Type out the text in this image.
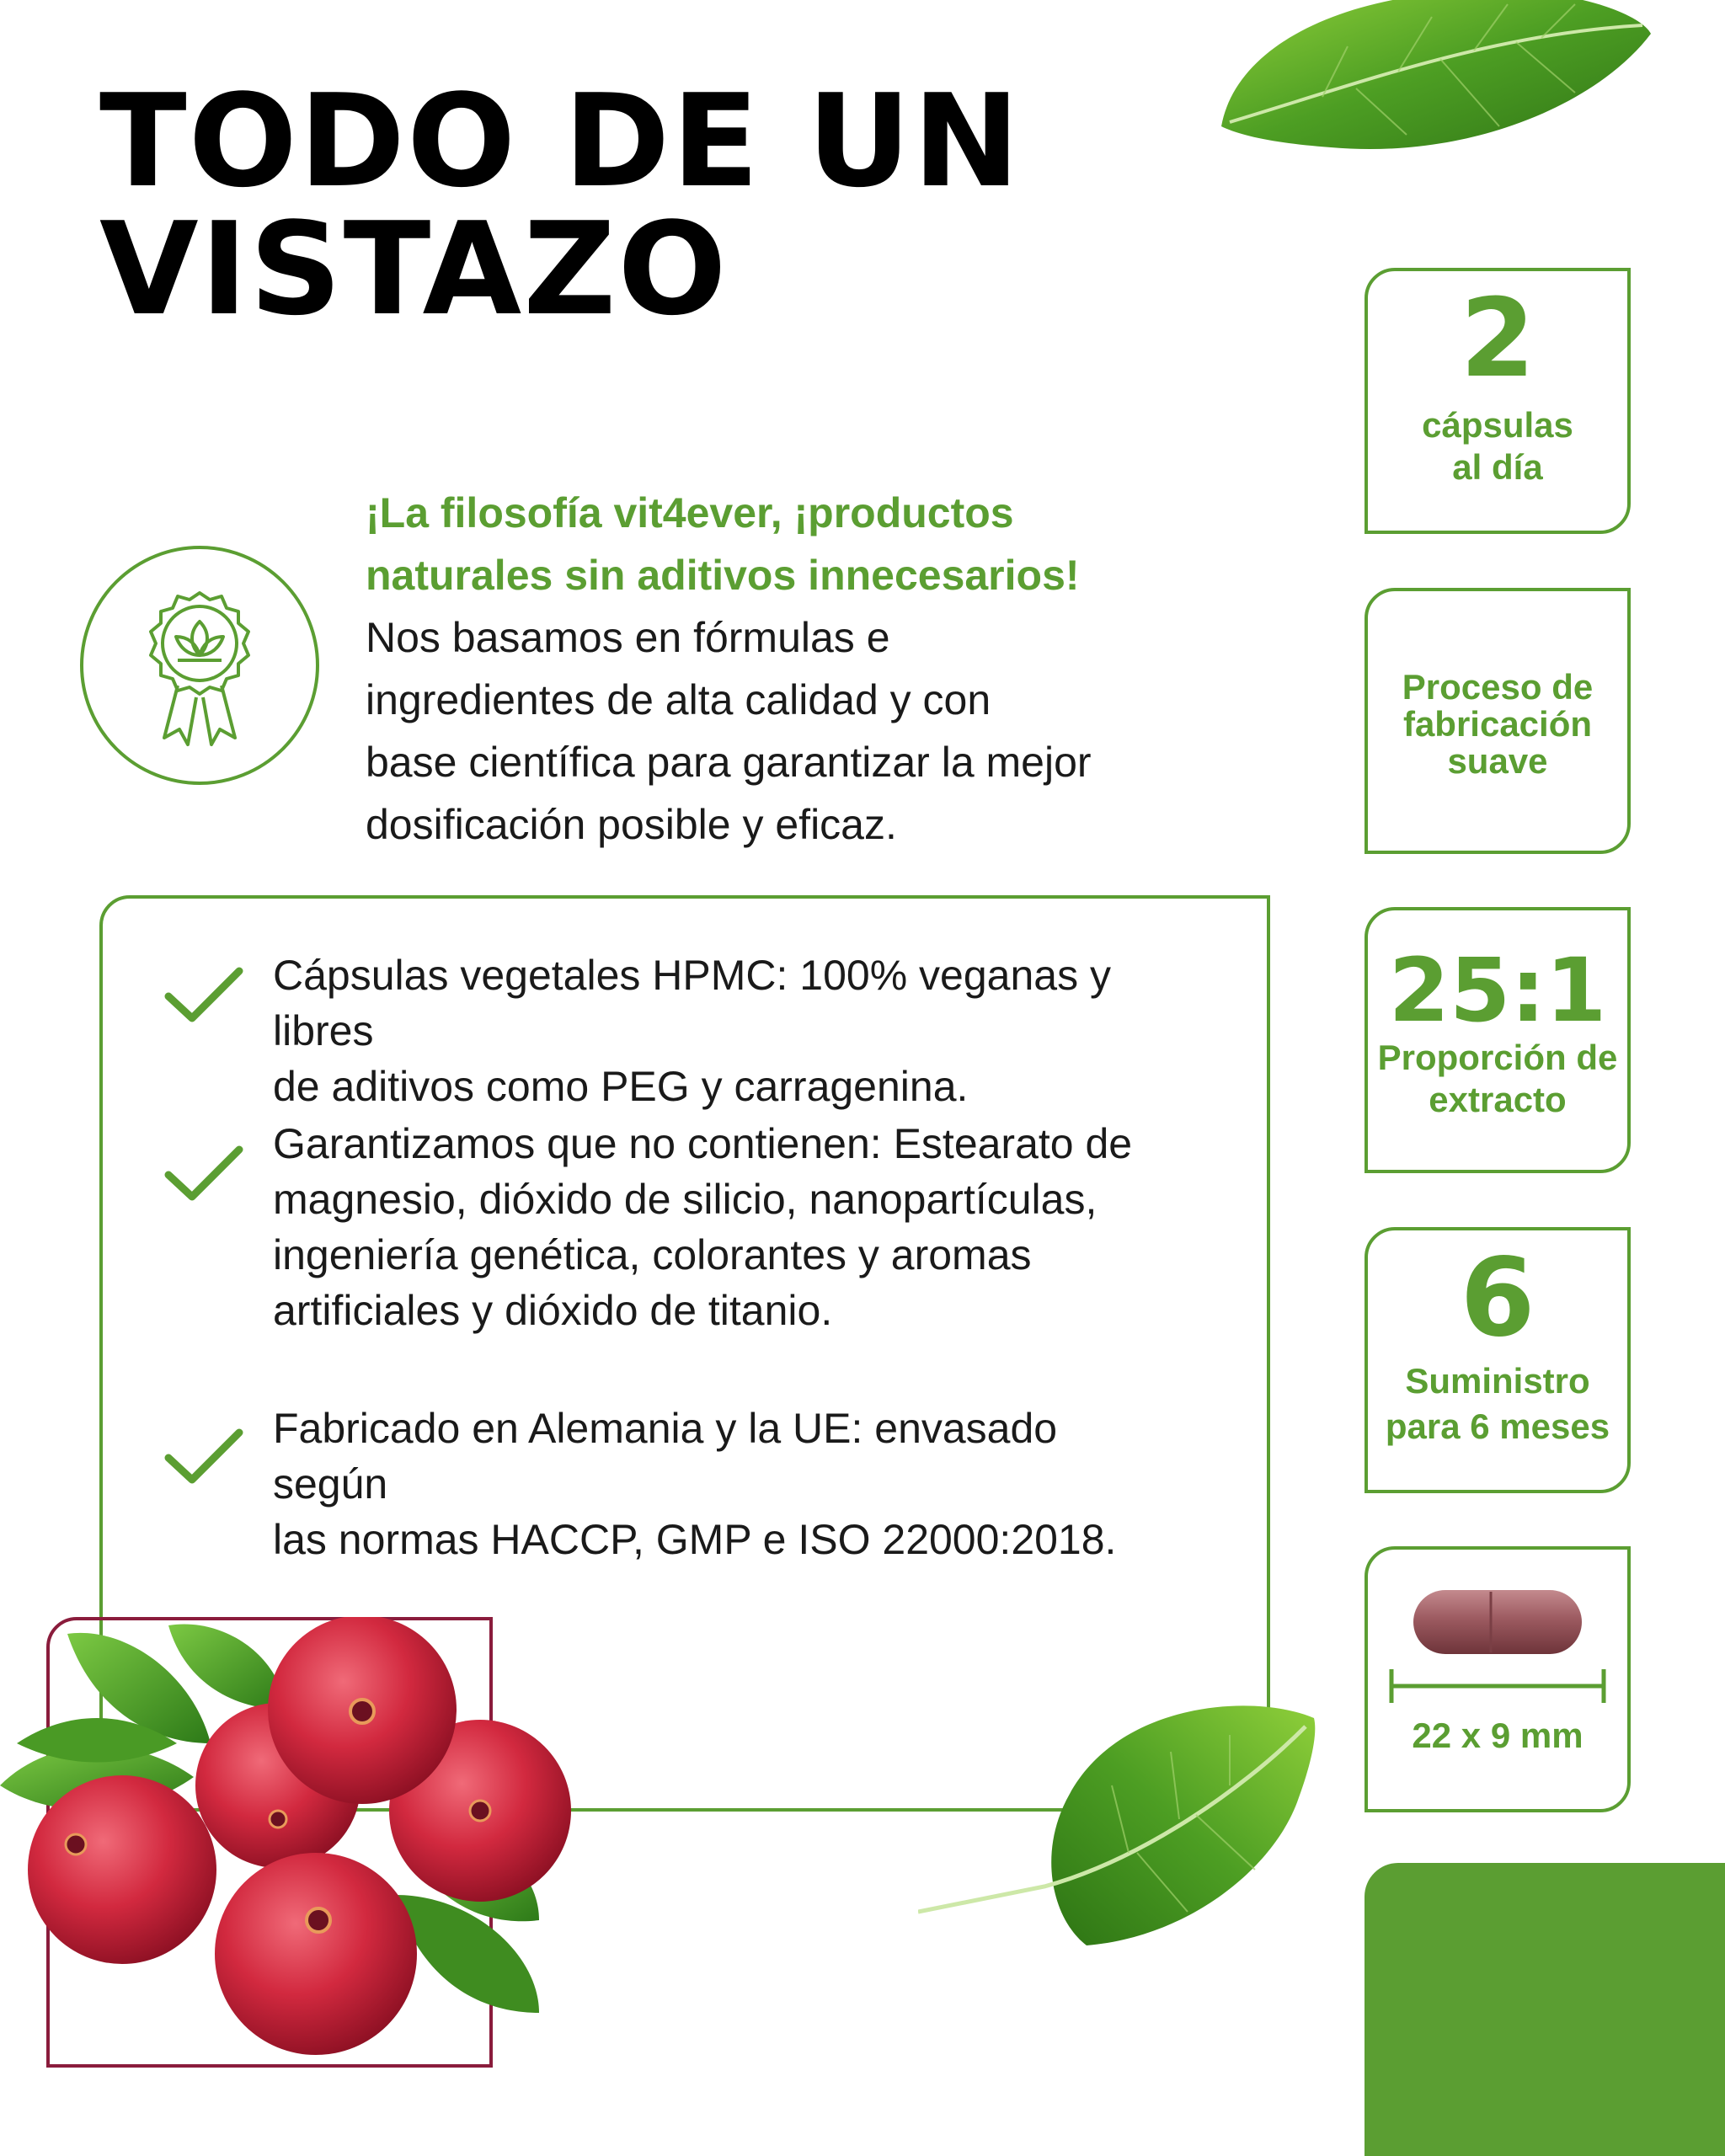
TODO DE UN
VISTAZO

¡La filosofía vit4ever, ¡productos
naturales sin aditivos innecesarios!

Nos basamos en fórmulas e
ingredientes de alta calidad y con
base científica para garantizar la mejor
dosificación posible y eficaz.

Cápsulas vegetales HPMC: 100% veganas y libres
de aditivos como PEG y carragenina.
Garantizamos que no contienen: Estearato de
magnesio, dióxido de silicio, nanopartículas,
ingeniería genética, colorantes y aromas
artificiales y dióxido de titanio.
Fabricado en Alemania y la UE: envasado según
las normas HACCP, GMP e ISO 22000:2018.
2
cápsulas
al día
Proceso de
fabricación
suave
25:1
Proporción de
extracto
6
Suministro
para 6 meses
22 x 9 mm
